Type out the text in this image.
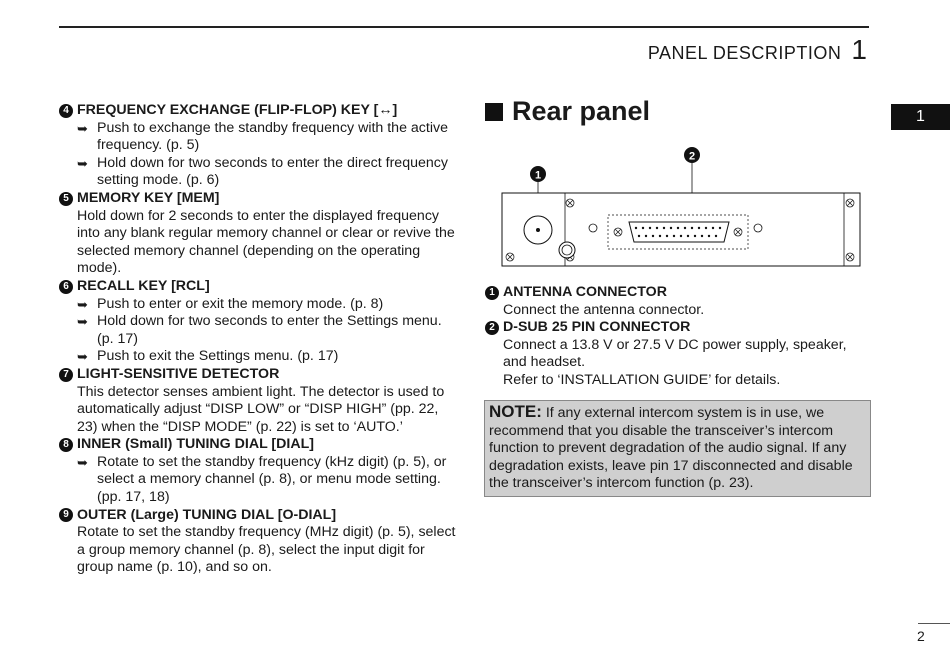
PANEL DESCRIPTION 1
1
4 FREQUENCY EXCHANGE (FLIP-FLOP) KEY [↔]
➥ Push to exchange the standby frequency with the active frequency. (p. 5)
➥ Hold down for two seconds to enter the direct frequency setting mode. (p. 6)
5 MEMORY KEY [MEM]
Hold down for 2 seconds to enter the displayed frequency into any blank regular memory channel or clear or revive the selected memory channel (depending on the operating mode).
6 RECALL KEY [RCL]
➥ Push to enter or exit the memory mode. (p. 8)
➥ Hold down for two seconds to enter the Settings menu. (p. 17)
➥ Push to exit the Settings menu. (p. 17)
7 LIGHT-SENSITIVE DETECTOR
This detector senses ambient light. The detector is used to automatically adjust “DISP LOW” or “DISP HIGH” (pp. 22, 23) when the “DISP MODE” (p. 22) is set to ‘AUTO.’
8 INNER (Small) TUNING DIAL [DIAL]
➥ Rotate to set the standby frequency (kHz digit) (p. 5), or select a memory channel (p. 8), or menu mode setting. (pp. 17, 18)
9 OUTER (Large) TUNING DIAL [O-DIAL]
Rotate to set the standby frequency (MHz digit) (p. 5), select a group memory channel (p. 8), select the input digit for group name (p. 10), and so on.
Rear panel
2
1
1 ANTENNA CONNECTOR
Connect the antenna connector.
2 D-SUB 25 PIN CONNECTOR
Connect a 13.8 V or 27.5 V DC power supply, speaker, and headset.
Refer to ‘INSTALLATION GUIDE’ for details.
NOTE: If any external intercom system is in use, we recommend that you disable the transceiver’s intercom function to prevent degradation of the audio signal. If any degradation exists, leave pin 17 disconnected and disable the transceiver’s intercom function (p. 23).
2
